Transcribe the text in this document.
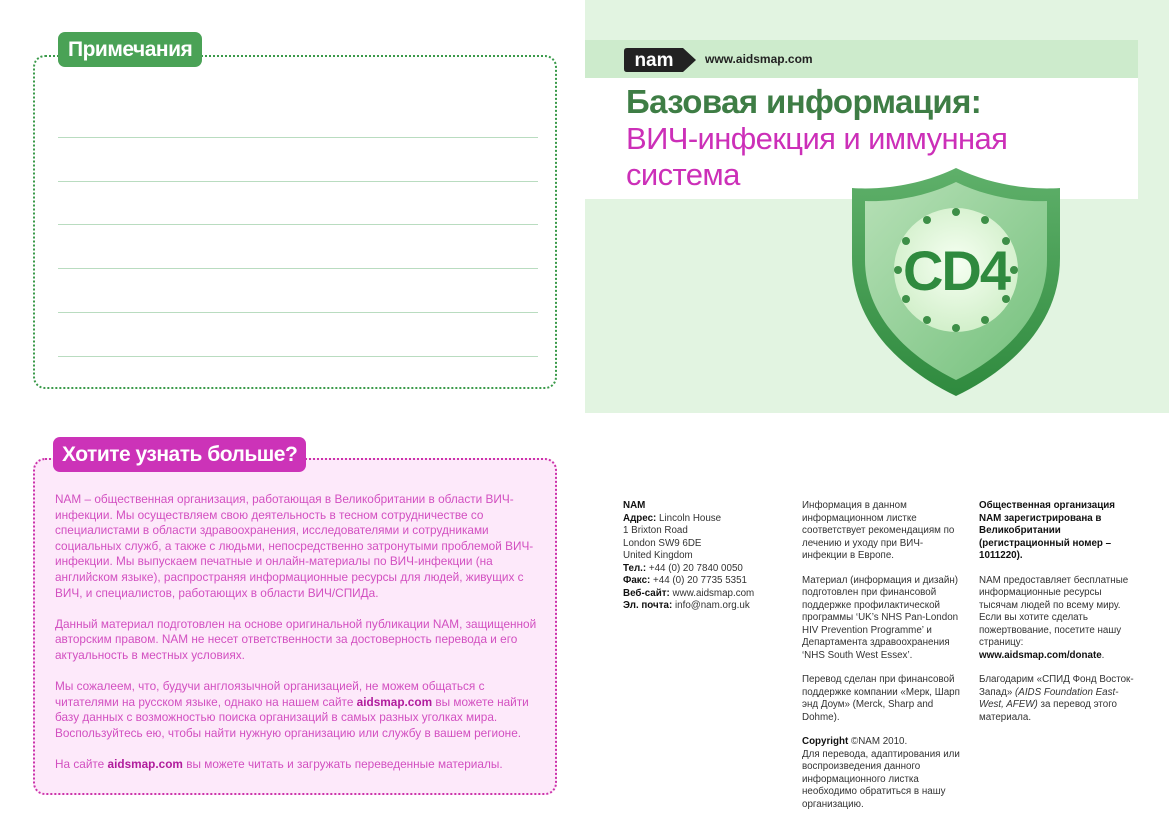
Примечания
Хотите узнать больше?

NAM – общественная организация, работающая в Великобритании в области ВИЧ-инфекции. Мы осуществляем свою деятельность в тесном сотрудничестве со специалистами в области здравоохранения, исследователями и сотрудниками социальных служб, а также с людьми, непосредственно затронутыми проблемой ВИЧ-инфекции. Мы выпускаем печатные и онлайн-материалы по ВИЧ-инфекции (на английском языке), распространяя информационные ресурсы для людей, живущих с ВИЧ, и специалистов, работающих в области ВИЧ/СПИДа.

Данный материал подготовлен на основе оригинальной публикации NAM, защищенной авторским правом. NAM не несет ответственности за достоверность перевода и его актуальность в местных условиях.

Мы сожалеем, что, будучи англоязычной организацией, не можем общаться с читателями на русском языке, однако на нашем сайте aidsmap.com вы можете найти базу данных с возможностью поиска организаций в самых разных уголках мира. Воспользуйтесь ею, чтобы найти нужную организацию или службу в вашем регионе.

На сайте aidsmap.com вы можете читать и загружать переведенные материалы.

nam	www.aidsmap.com
Базовая информация:
ВИЧ-инфекция и иммунная система
CD4
NAM
Адрес: Lincoln House
1 Brixton Road
London SW9 6DE
United Kingdom
Тел.: +44 (0) 20 7840 0050
Факс: +44 (0) 20 7735 5351
Веб-сайт: www.aidsmap.com
Эл. почта: info@nam.org.uk

Информация в данном информационном листке соответствует рекомендациям по лечению и уходу при ВИЧ-инфекции в Европе.

Материал (информация и дизайн) подготовлен при финансовой поддержке профилактической программы ‘UK’s NHS Pan-London HIV Prevention Programme’ и Департамента здравоохранения ‘NHS South West Essex’.

Перевод сделан при финансовой поддержке компании «Мерк, Шарп энд Доум» (Merck, Sharp and Dohme).

Copyright ©NAM 2010.
Для перевода, адаптирования или воспроизведения данного информационного листка необходимо обратиться в нашу организацию.

Общественная организация NAM зарегистрирована в Великобритании (регистрационный номер – 1011220).

NAM предоставляет бесплатные информационные ресурсы тысячам людей по всему миру. Если вы хотите сделать пожертвование, посетите нашу страницу: www.aidsmap.com/donate.

Благодарим «СПИД Фонд Восток-Запад» (AIDS Foundation East-West, AFEW) за перевод этого материала.
